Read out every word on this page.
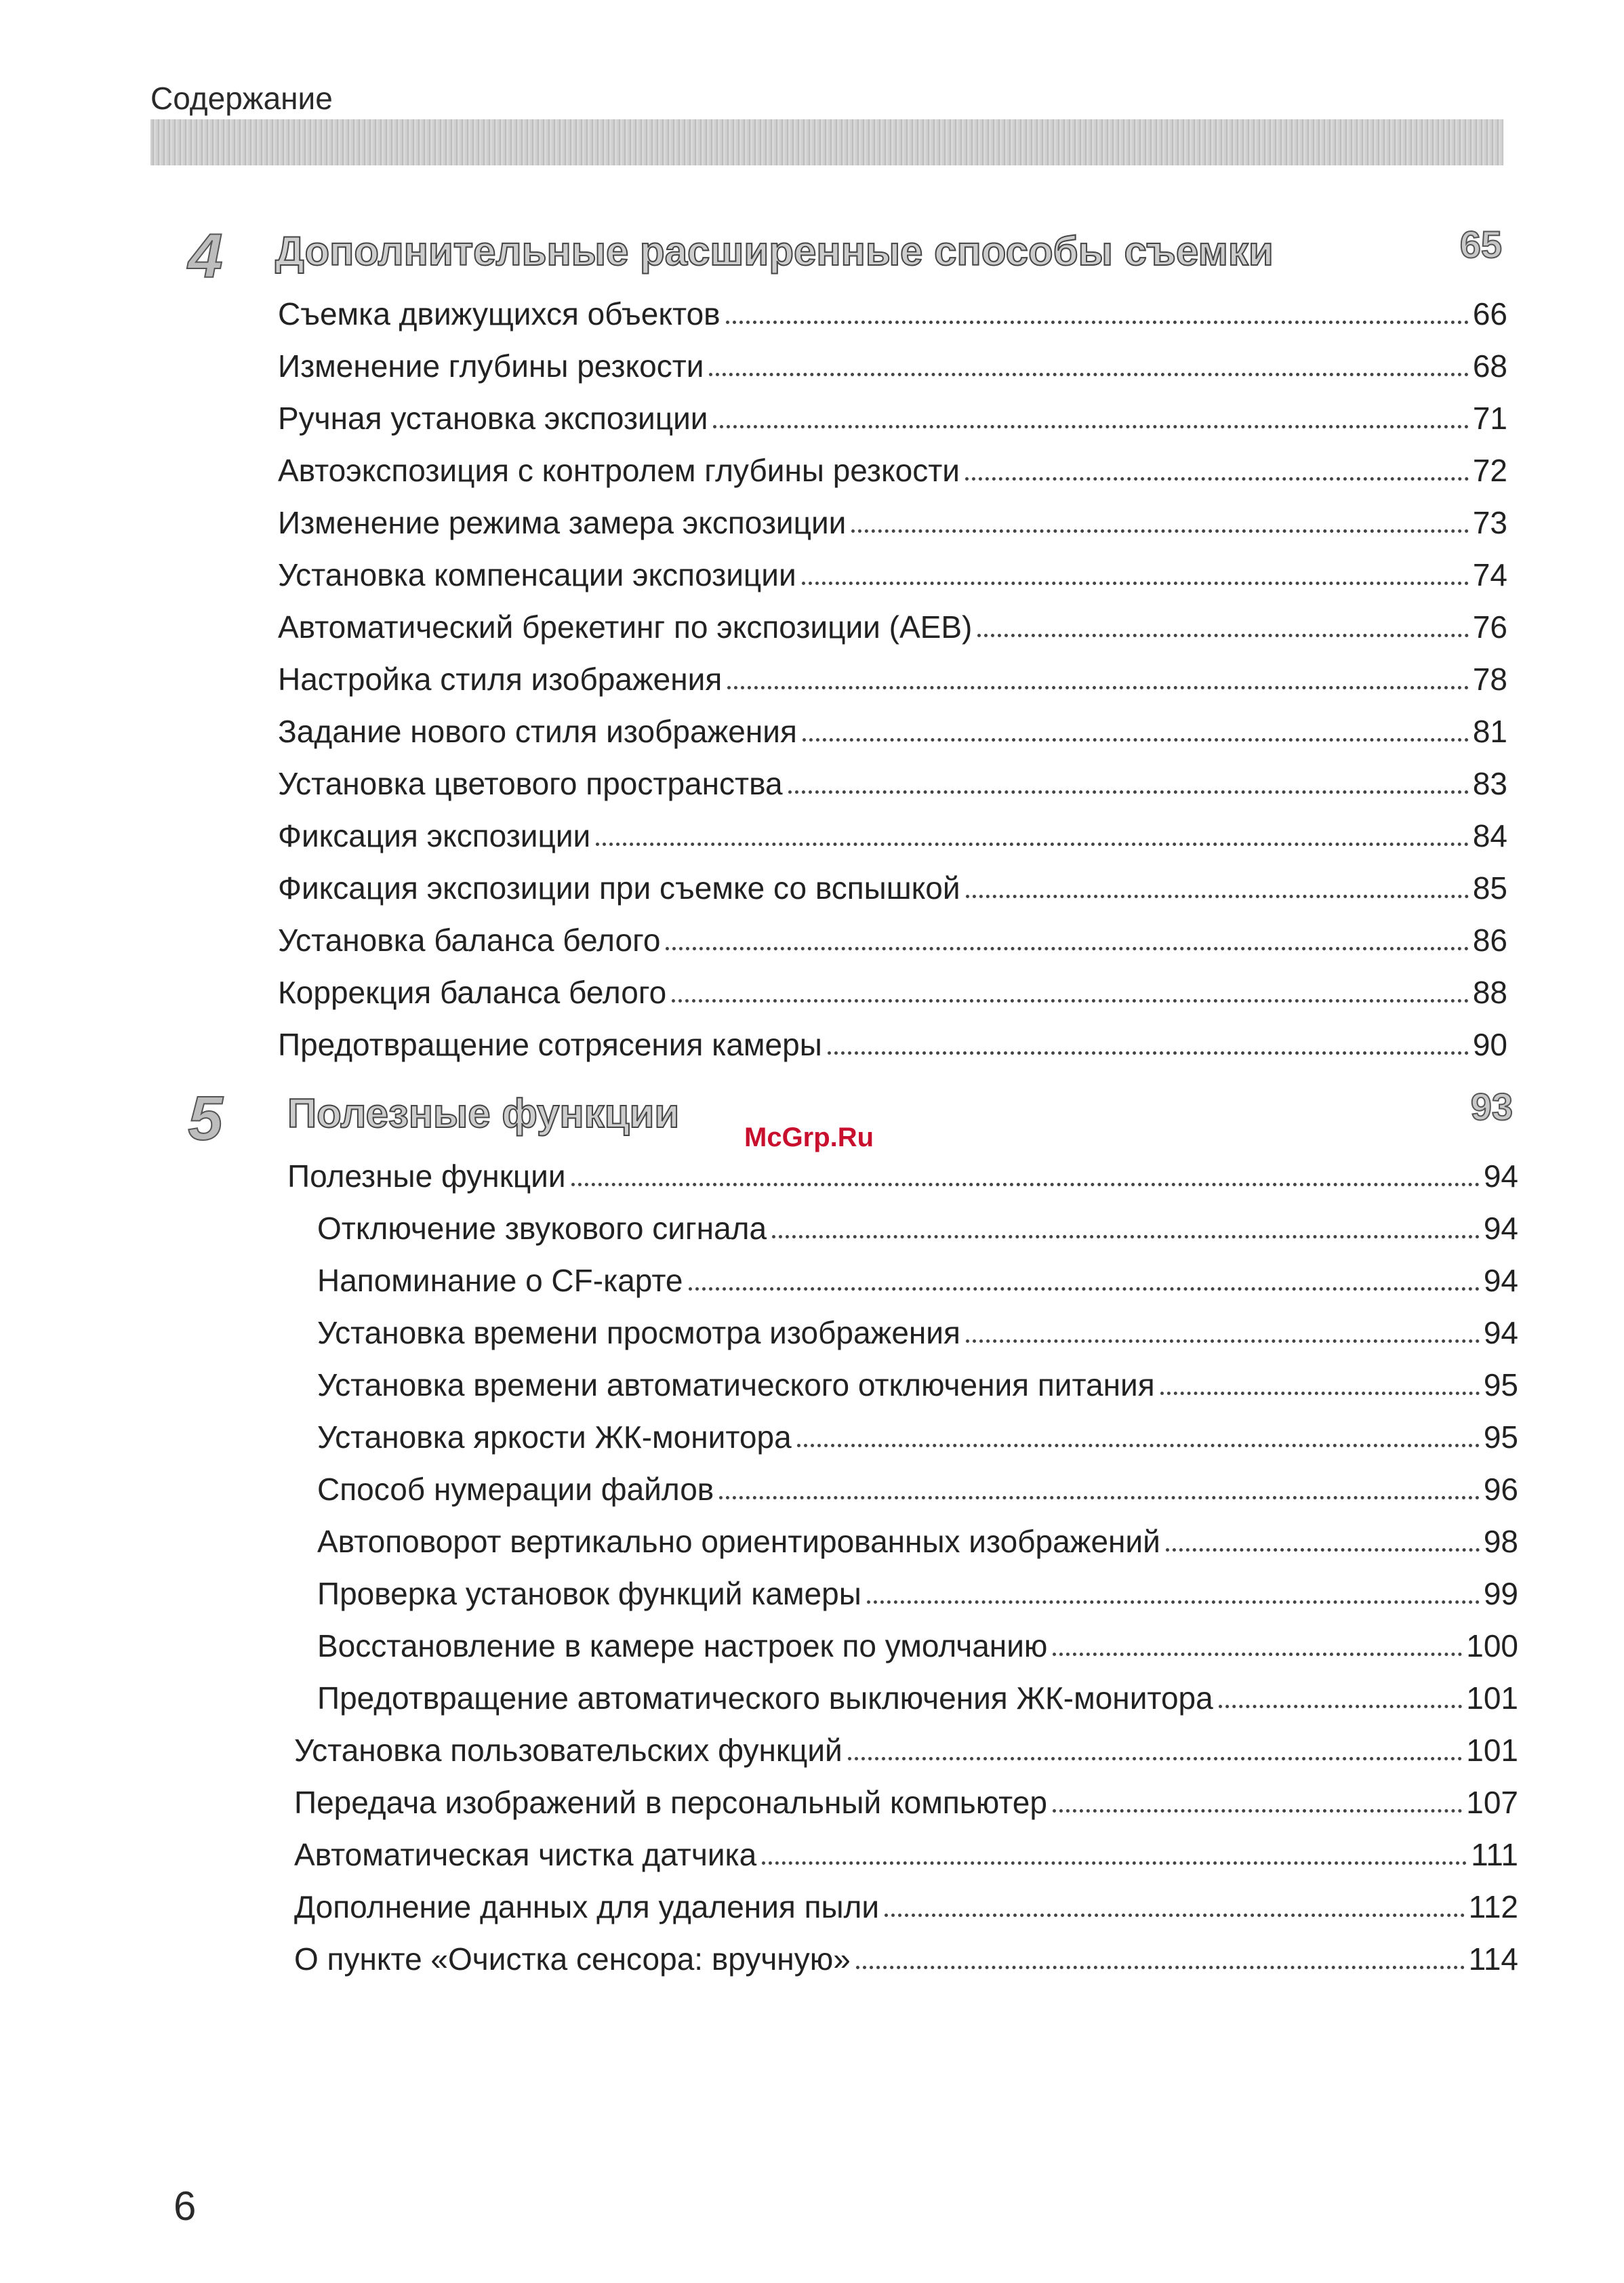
Содержание
4	Дополнительные расширенные способы съемки	65
Съемка движущихся объектов	66
Изменение глубины резкости	68
Ручная установка экспозиции	71
Автоэкспозиция с контролем глубины резкости	72
Изменение режима замера экспозиции	73
Установка компенсации экспозиции	74
Автоматический брекетинг по экспозиции (AEB)	76
Настройка стиля изображения	78
Задание нового стиля изображения	81
Установка цветового пространства	83
Фиксация экспозиции	84
Фиксация экспозиции при съемке со вспышкой	85
Установка баланса белого	86
Коррекция баланса белого	88
Предотвращение сотрясения камеры	90
5	Полезные функции	93
McGrp.Ru
Полезные функции	94
Отключение звукового сигнала	94
Напоминание о CF-карте	94
Установка времени просмотра изображения	94
Установка времени автоматического отключения питания	95
Установка яркости ЖК-монитора	95
Способ нумерации файлов	96
Автоповорот вертикально ориентированных изображений	98
Проверка установок функций камеры	99
Восстановление в камере настроек по умолчанию	100
Предотвращение автоматического выключения ЖК-монитора	101
Установка пользовательских функций	101
Передача изображений в персональный компьютер	107
Автоматическая чистка датчика	111
Дополнение данных для удаления пыли	112
О пункте «Очистка сенсора: вручную»	114
6
